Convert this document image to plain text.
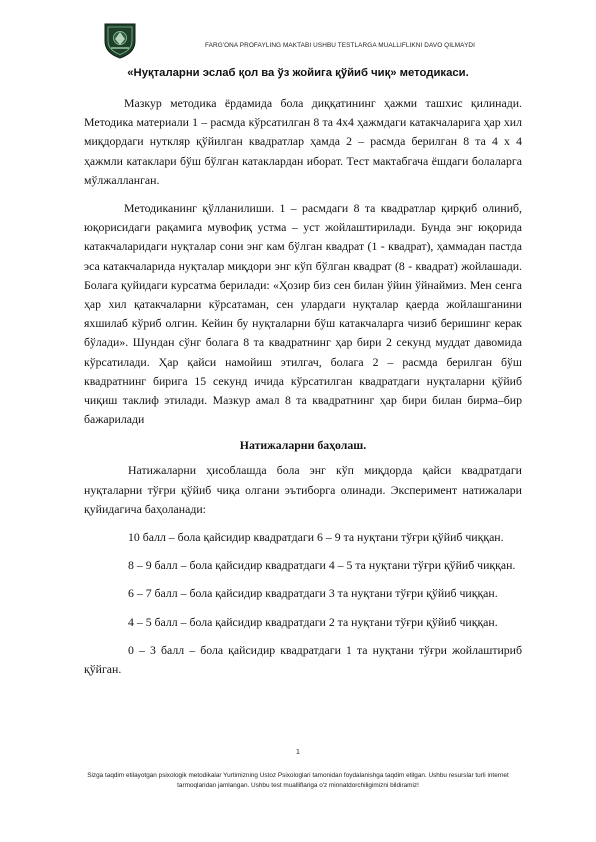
FARG'ONA PROFAYLING MAKTABI USHBU TESTLARGA MUALLIFLIKNI DAVO QILMAYDI
«Нуқталарни эслаб қол ва ўз жойига қўйиб чиқ» методикаси.

Мазкур методика ёрдамида бола диққатининг ҳажми ташхис қилинади. Методика материали 1 – расмда кўрсатилган 8 та 4х4 ҳажмдаги катакчаларига ҳар хил миқдордаги нуткляр қўйилган квадратлар ҳамда 2 – расмда берилган 8 та 4 х 4 ҳажмли катаклари бўш бўлган катаклардан иборат. Тест мактабгача ёшдаги болаларга мўлжалланган.

Методиканинг қўлланилиши. 1 – расмдаги 8 та квадратлар қирқиб олиниб, юқорисидаги рақамига мувофиқ устма – уст жойлаштирилади. Бунда энг юқорида катакчаларидаги нуқталар сони энг кам бўлган квадрат (1 - квадрат), ҳаммадан пастда эса катакчаларида нуқталар миқдори энг кўп бўлган квадрат (8 - квадрат) жойлашади. Болага қуйидаги курсатма берилади: «Ҳозир биз сен билан ўйин ўйнаймиз. Мен сенга ҳар хил қатакчаларни кўрсатаман, сен улардаги нуқталар қаерда жойлашганини яхшилаб кўриб олгин. Кейин бу нуқталарни бўш катакчаларга чизиб беришинг керак бўлади». Шундан сўнг болага 8 та квадратнинг ҳар бири 2 секунд муддат давомида кўрсатилади. Ҳар қайси намойиш этилгач, болага 2 – расмда берилган бўш квадратнинг бирига 15 секунд ичида кўрсатилган квадратдаги нуқталарни қўйиб чиқиш таклиф этилади. Мазкур амал 8 та квадратнинг ҳар бири билан бирма–бир бажарилади

Натижаларни баҳолаш.

Натижаларни ҳисоблашда бола энг кўп миқдорда қайси квадратдаги нуқталарни тўғри қўйиб чиқа олгани эътиборга олинади. Эксперимент натижалари қуйидагича баҳоланади:

10 балл – бола қайсидир квадратдаги 6 – 9 та нуқтани тўғри қўйиб чиққан.

8 – 9 балл – бола қайсидир квадратдаги 4 – 5 та нуқтани тўғри қўйиб чиққан.

6 – 7 балл – бола қайсидир квадратдаги 3 та нуқтани тўғри қўйиб чиққан.

4 – 5 балл – бола қайсидир квадратдаги 2 та нуқтани тўғри қўйиб чиққан.

0 – 3 балл – бола қайсидир квадратдаги 1 та нуқтани тўғри жойлаштириб қўйган.

1
Sizga taqdim etilayotgan psixologik metodikalar Yurtimizning Ustoz Psixologlari tamonidan foydalanishga taqdim etilgan. Ushbu resurslar turli internet tarmoqlaridan jamlangan. Ushbu test mualliflariga o'z minnatdorchiligimizni bildiramiz!
